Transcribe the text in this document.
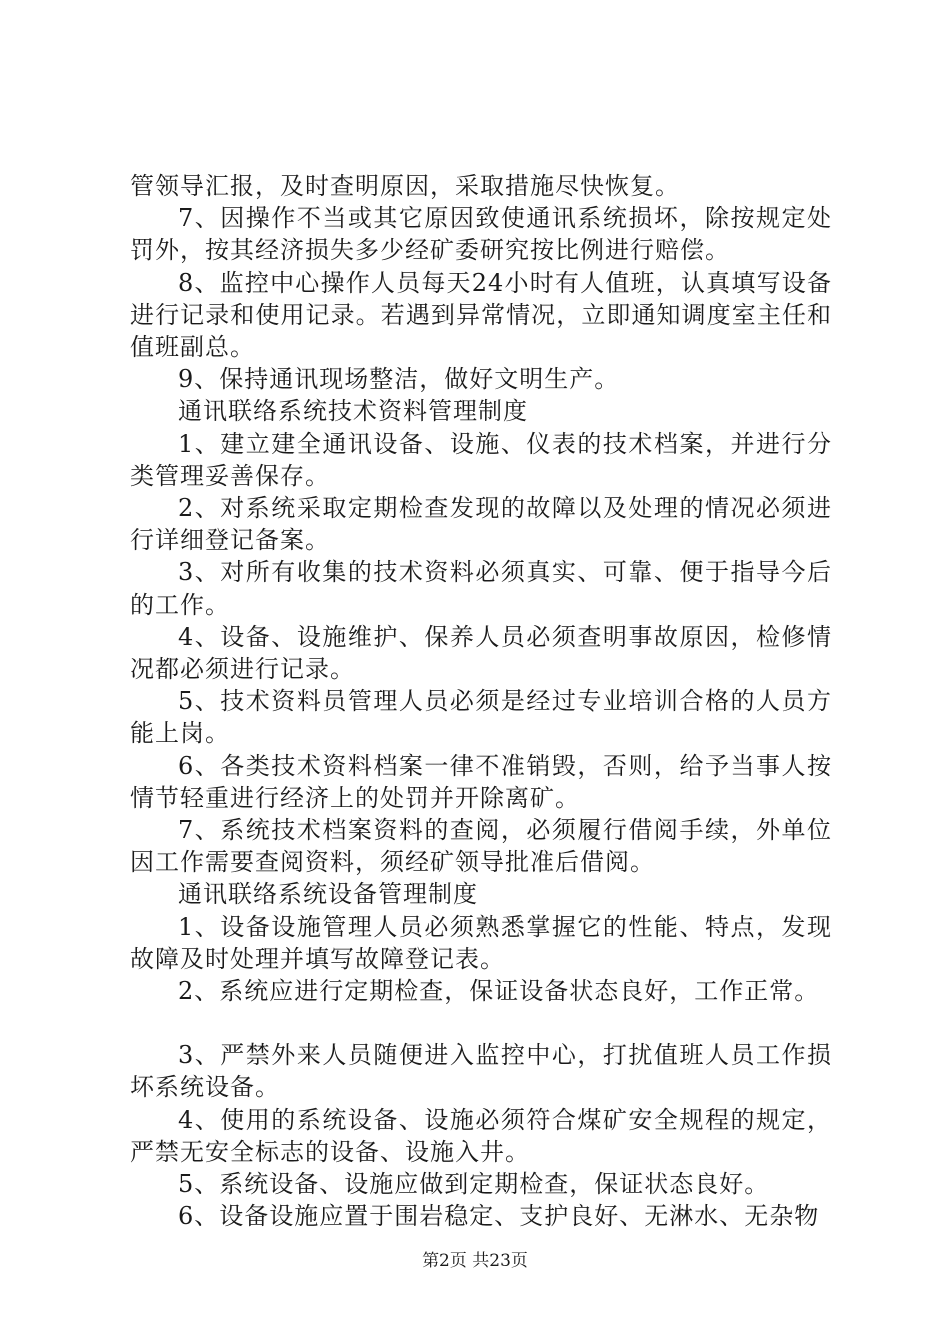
管领导汇报，及时查明原因，采取措施尽快恢复。

7、因操作不当或其它原因致使通讯系统损坏，除按规定处罚外，按其经济损失多少经矿委研究按比例进行赔偿。

8、监控中心操作人员每天24小时有人值班，认真填写设备进行记录和使用记录。若遇到异常情况，立即通知调度室主任和值班副总。

9、保持通讯现场整洁，做好文明生产。

通讯联络系统技术资料管理制度

1、建立建全通讯设备、设施、仪表的技术档案，并进行分类管理妥善保存。

2、对系统采取定期检查发现的故障以及处理的情况必须进行详细登记备案。

3、对所有收集的技术资料必须真实、可靠、便于指导今后的工作。

4、设备、设施维护、保养人员必须查明事故原因，检修情况都必须进行记录。

5、技术资料员管理人员必须是经过专业培训合格的人员方能上岗。

6、各类技术资料档案一律不准销毁，否则，给予当事人按情节轻重进行经济上的处罚并开除离矿。

7、系统技术档案资料的查阅，必须履行借阅手续，外单位因工作需要查阅资料，须经矿领导批准后借阅。

通讯联络系统设备管理制度

1、设备设施管理人员必须熟悉掌握它的性能、特点，发现故障及时处理并填写故障登记表。

2、系统应进行定期检查，保证设备状态良好，工作正常。

3、严禁外来人员随便进入监控中心，打扰值班人员工作损坏系统设备。

4、使用的系统设备、设施必须符合煤矿安全规程的规定，严禁无安全标志的设备、设施入井。

5、系统设备、设施应做到定期检查，保证状态良好。

6、设备设施应置于围岩稳定、支护良好、无淋水、无杂物

第2页 共23页
